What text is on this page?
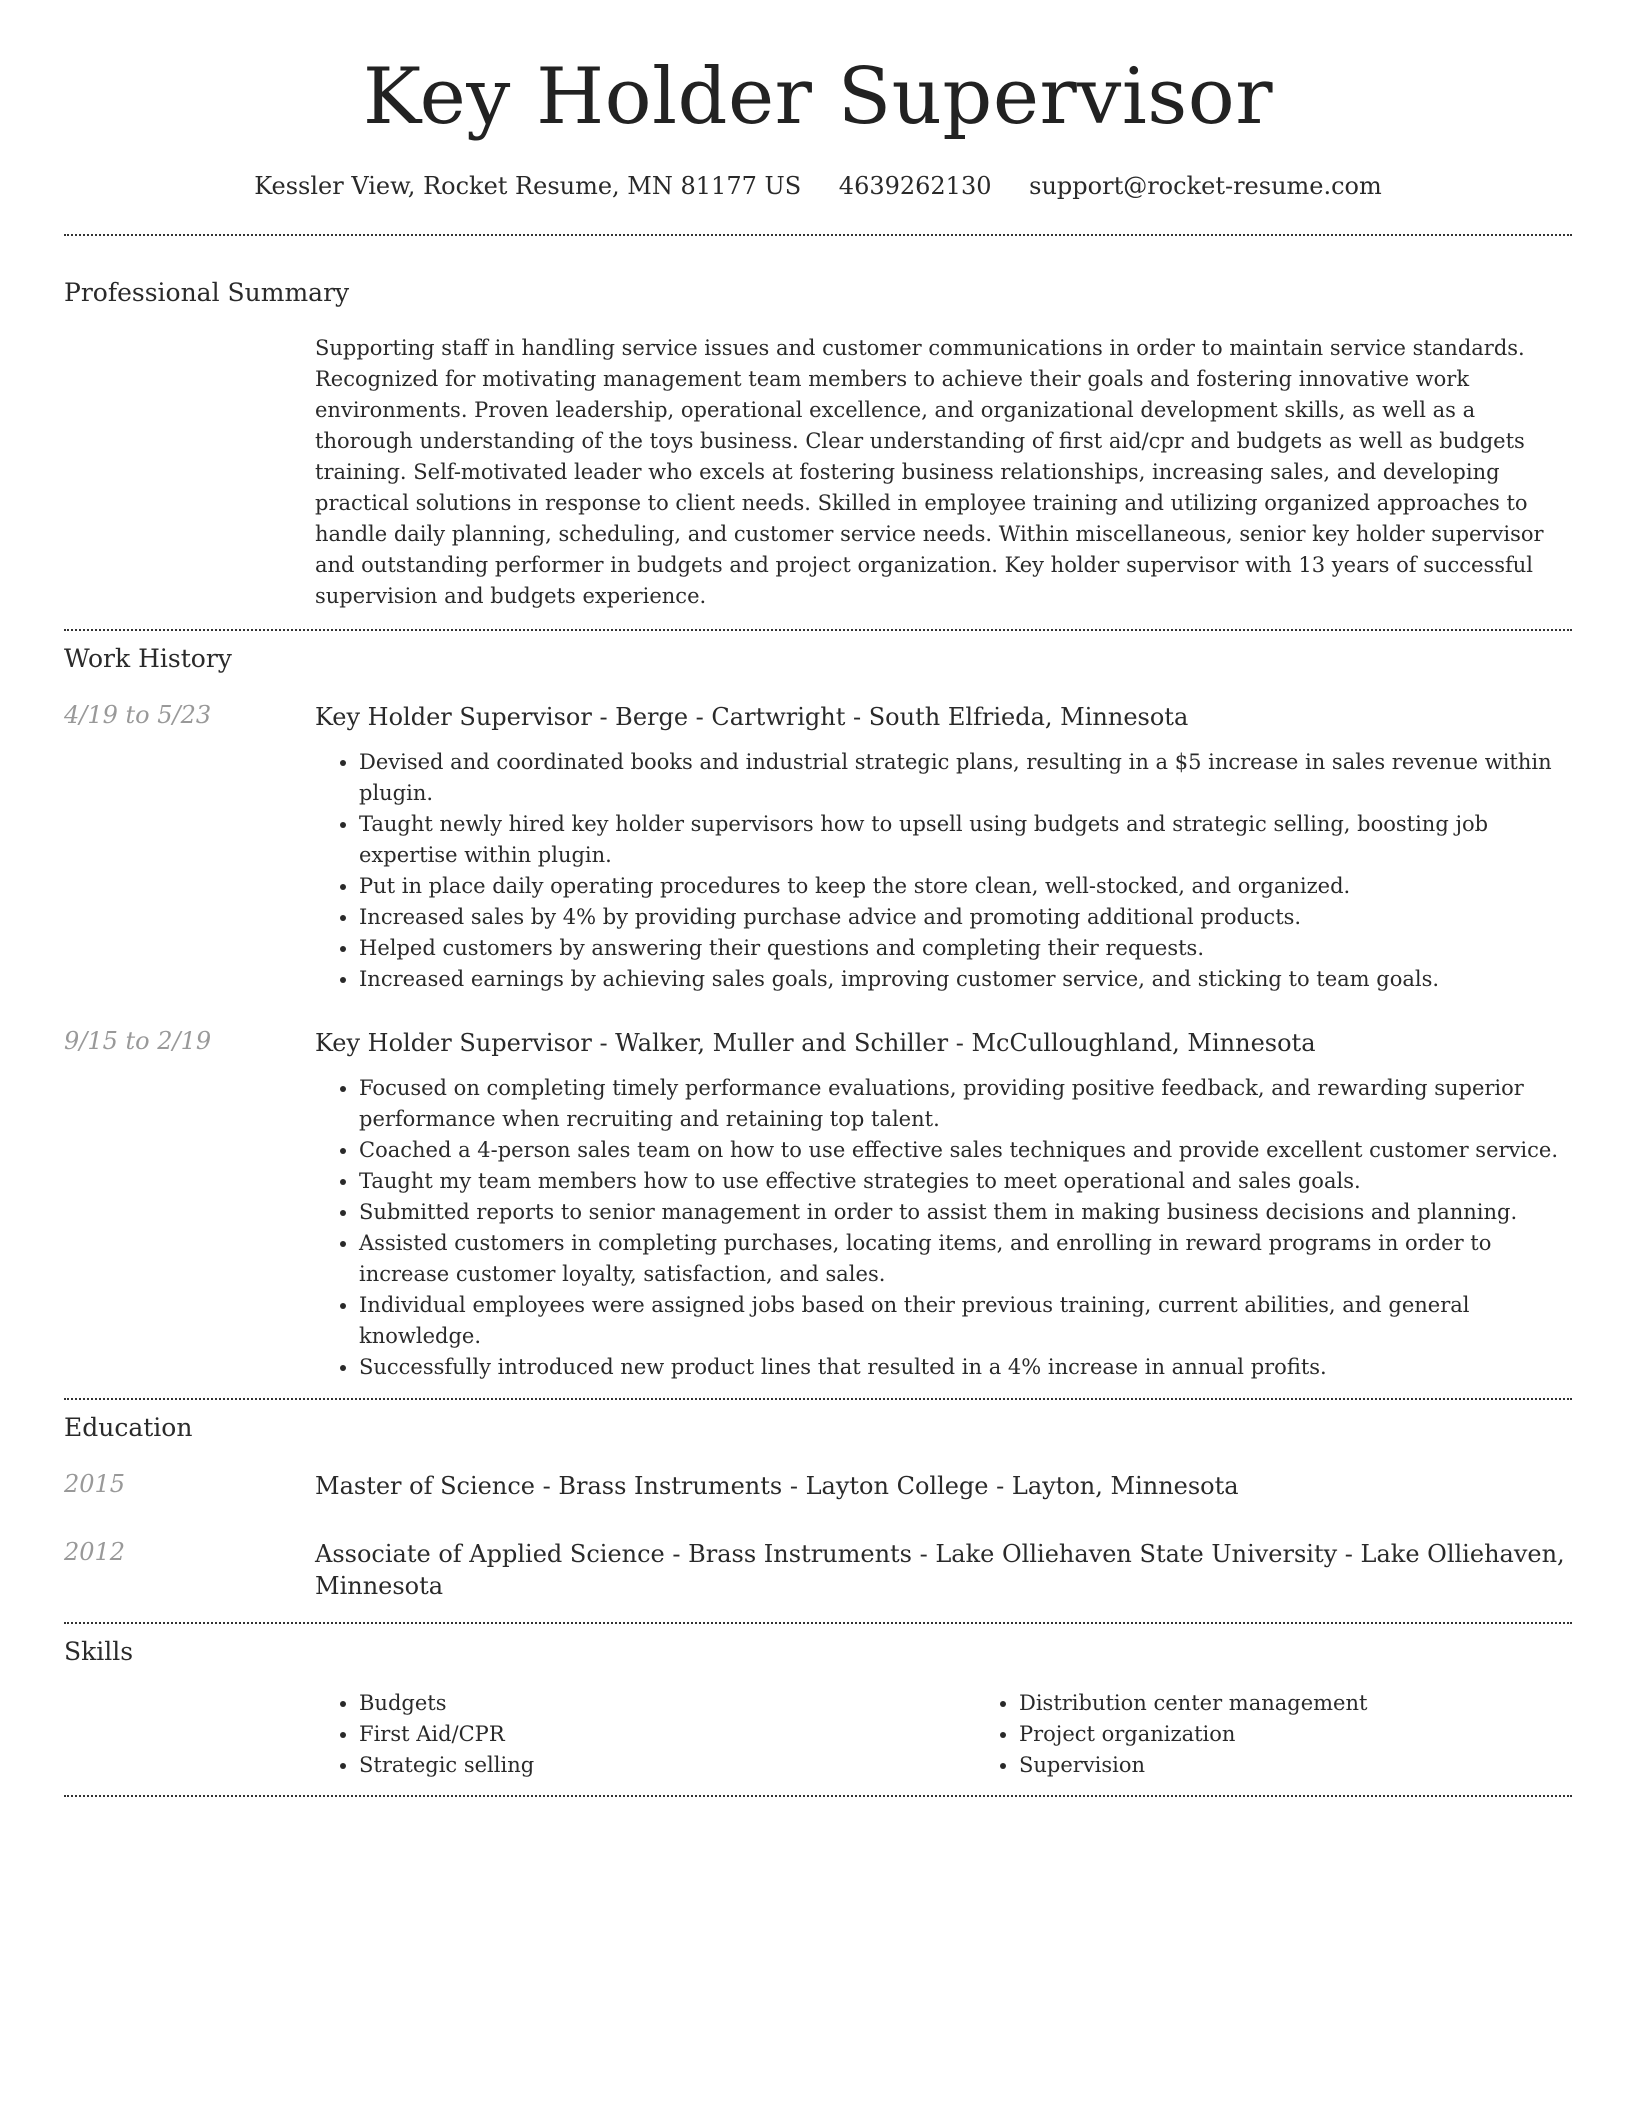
Key Holder Supervisor
Kessler View, Rocket Resume, MN 81177 US 4639262130 support@rocket-resume.com
Professional Summary
Supporting staff in handling service issues and customer communications in order to maintain service standards. Recognized for motivating management team members to achieve their goals and fostering innovative work environments. Proven leadership, operational excellence, and organizational development skills, as well as a thorough understanding of the toys business. Clear understanding of first aid/cpr and budgets as well as budgets training. Self-motivated leader who excels at fostering business relationships, increasing sales, and developing practical solutions in response to client needs. Skilled in employee training and utilizing organized approaches to handle daily planning, scheduling, and customer service needs. Within miscellaneous, senior key holder supervisor and outstanding performer in budgets and project organization. Key holder supervisor with 13 years of successful supervision and budgets experience.
Work History
4/19 to 5/23	Key Holder Supervisor - Berge - Cartwright - South Elfrieda, Minnesota
• Devised and coordinated books and industrial strategic plans, resulting in a $5 increase in sales revenue within plugin.
• Taught newly hired key holder supervisors how to upsell using budgets and strategic selling, boosting job expertise within plugin.
• Put in place daily operating procedures to keep the store clean, well-stocked, and organized.
• Increased sales by 4% by providing purchase advice and promoting additional products.
• Helped customers by answering their questions and completing their requests.
• Increased earnings by achieving sales goals, improving customer service, and sticking to team goals.
9/15 to 2/19	Key Holder Supervisor - Walker, Muller and Schiller - McCulloughland, Minnesota
• Focused on completing timely performance evaluations, providing positive feedback, and rewarding superior performance when recruiting and retaining top talent.
• Coached a 4-person sales team on how to use effective sales techniques and provide excellent customer service.
• Taught my team members how to use effective strategies to meet operational and sales goals.
• Submitted reports to senior management in order to assist them in making business decisions and planning.
• Assisted customers in completing purchases, locating items, and enrolling in reward programs in order to increase customer loyalty, satisfaction, and sales.
• Individual employees were assigned jobs based on their previous training, current abilities, and general knowledge.
• Successfully introduced new product lines that resulted in a 4% increase in annual profits.
Education
2015	Master of Science - Brass Instruments - Layton College - Layton, Minnesota
2012	Associate of Applied Science - Brass Instruments - Lake Olliehaven State University - Lake Olliehaven, Minnesota
Skills
• Budgets
• First Aid/CPR
• Strategic selling
• Distribution center management
• Project organization
• Supervision
